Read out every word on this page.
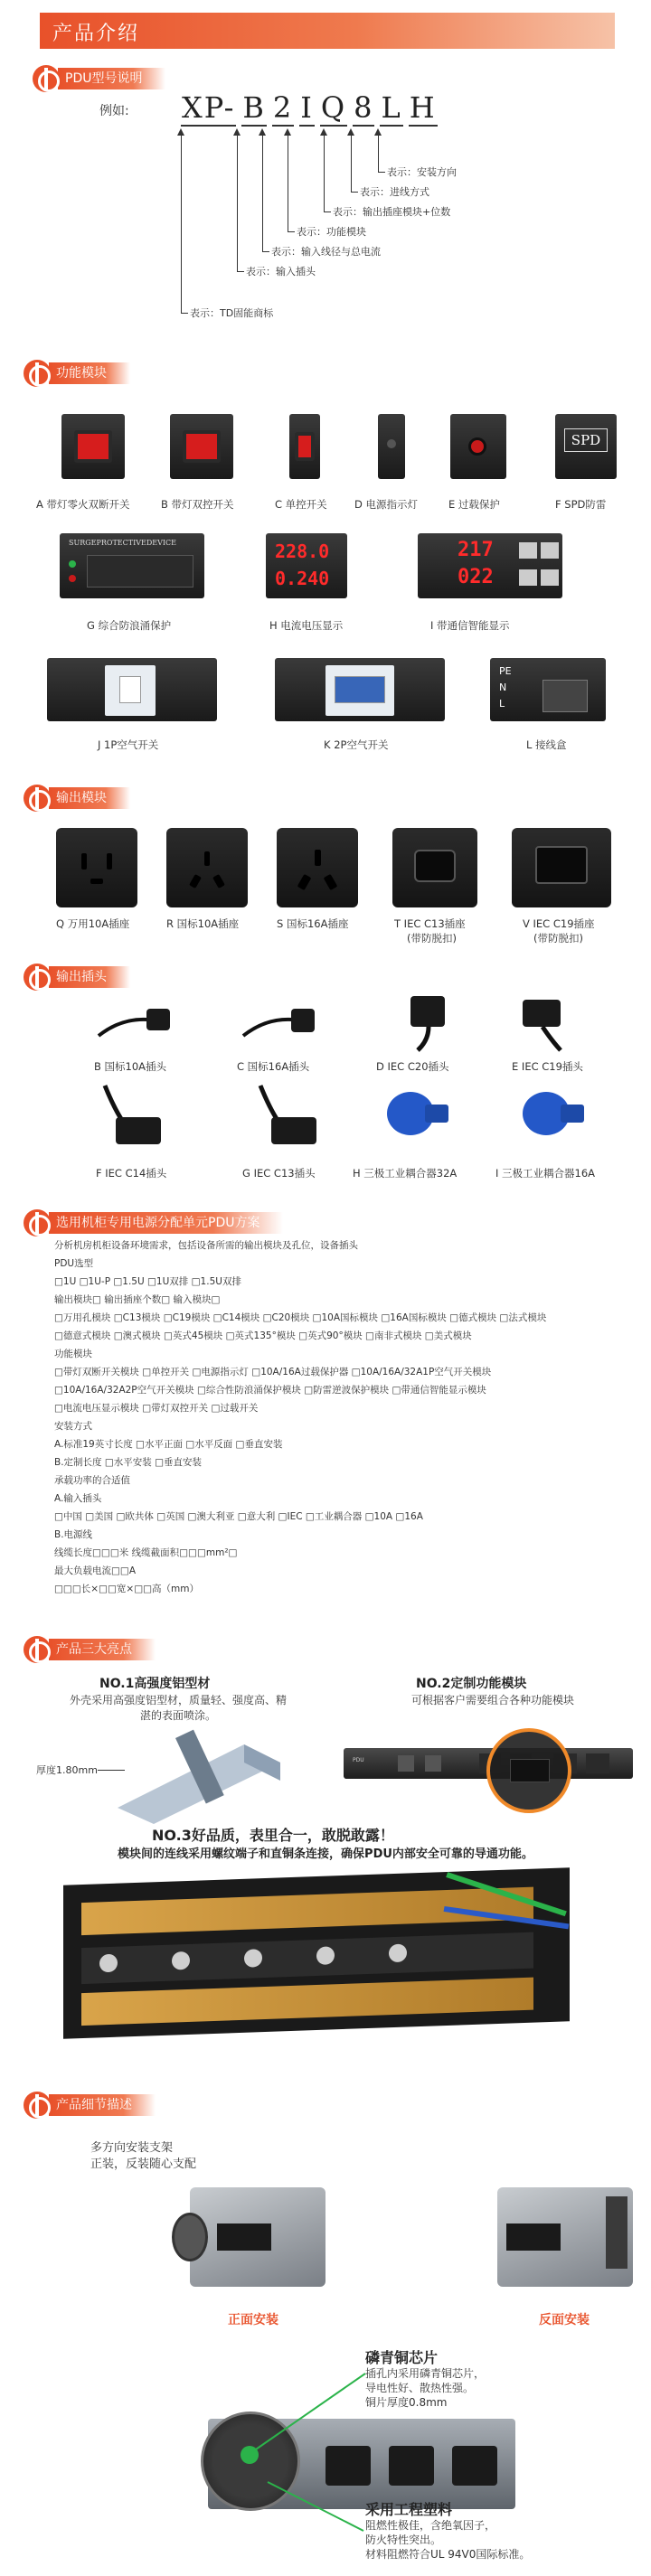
产品介绍
PDU型号说明
例如: XP- B 2 I Q 8 L H
表示：安装方向
表示：进线方式
表示：输出插座模块+位数
表示：功能模块
表示：输入线径与总电流
表示：输入插头
表示：TD固能商标
功能模块
SPD
A 带灯零火双断开关	B 带灯双控开关	C 单控开关	D 电源指示灯	E 过载保护	F SPD防雷
SURGEPROTECTIVEDEVICE	228.0
0.240
217
022
G 综合防浪涌保护	H 电流电压显示	I 带通信智能显示
PE
N
L
J 1P空气开关	K 2P空气开关	L 接线盒
输出模块
Q 万用10A插座	R 国标10A插座	S 国标16A插座	T IEC C13插座
(带防脱扣)
V IEC C19插座
(带防脱扣)
输出插头
B 国标10A插头	C 国标16A插头	D IEC C20插头	E IEC C19插头
F IEC C14插头	G IEC C13插头	H 三极工业耦合器32A	I 三极工业耦合器16A
选用机柜专用电源分配单元PDU方案
分析机房机柜设备环境需求，包括设备所需的输出模块及孔位，设备插头
PDU选型
□1U □1U-P □1.5U □1U双排 □1.5U双排
输出模块□ 输出插座个数□ 输入模块□
□万用孔模块 □C13模块 □C19模块 □C14模块 □C20模块 □10A国标模块 □16A国标模块 □德式模块 □法式模块
□德意式模块 □澳式模块 □英式45模块 □英式135°模块 □英式90°模块 □南非式模块 □美式模块
功能模块
□带灯双断开关模块 □单控开关 □电源指示灯 □10A/16A过载保护器 □10A/16A/32A1P空气开关模块
□10A/16A/32A2P空气开关模块 □综合性防浪涌保护模块 □防雷逆波保护模块 □带通信智能显示模块
□电流电压显示模块 □带灯双控开关 □过载开关
安装方式
A.标准19英寸长度 □水平正面 □水平反面 □垂直安装
B.定制长度 □水平安装 □垂直安装
承载功率的合适值
A.输入插头
□中国 □美国 □欧共体 □英国 □澳大利亚 □意大利 □IEC □工业耦合器 □10A □16A
B.电源线
线缆长度□□□米 线缆截面积□□□mm²□
最大负载电流□□A
□□□长×□□宽×□□高（mm）
产品三大亮点
NO.1高强度铝型材
外壳采用高强度铝型材，质量轻、强度高、精湛的表面喷涂。
厚度1.80mm
NO.2定制功能模块
可根据客户需要组合各种功能模块
PDU
NO.3好品质，表里合一，敢脱敢露！
模块间的连线采用螺纹端子和直铜条连接，确保PDU内部安全可靠的导通功能。
产品细节描述
多方向安装支架
正装，反装随心支配
正面安装	反面安装
磷青铜芯片
插孔内采用磷青铜芯片，
导电性好、散热性强。
铜片厚度0.8mm
采用工程塑料
阻燃性极佳，含绝氧因子，
防火特性突出。
材料阻燃符合UL 94V0国际标准。
